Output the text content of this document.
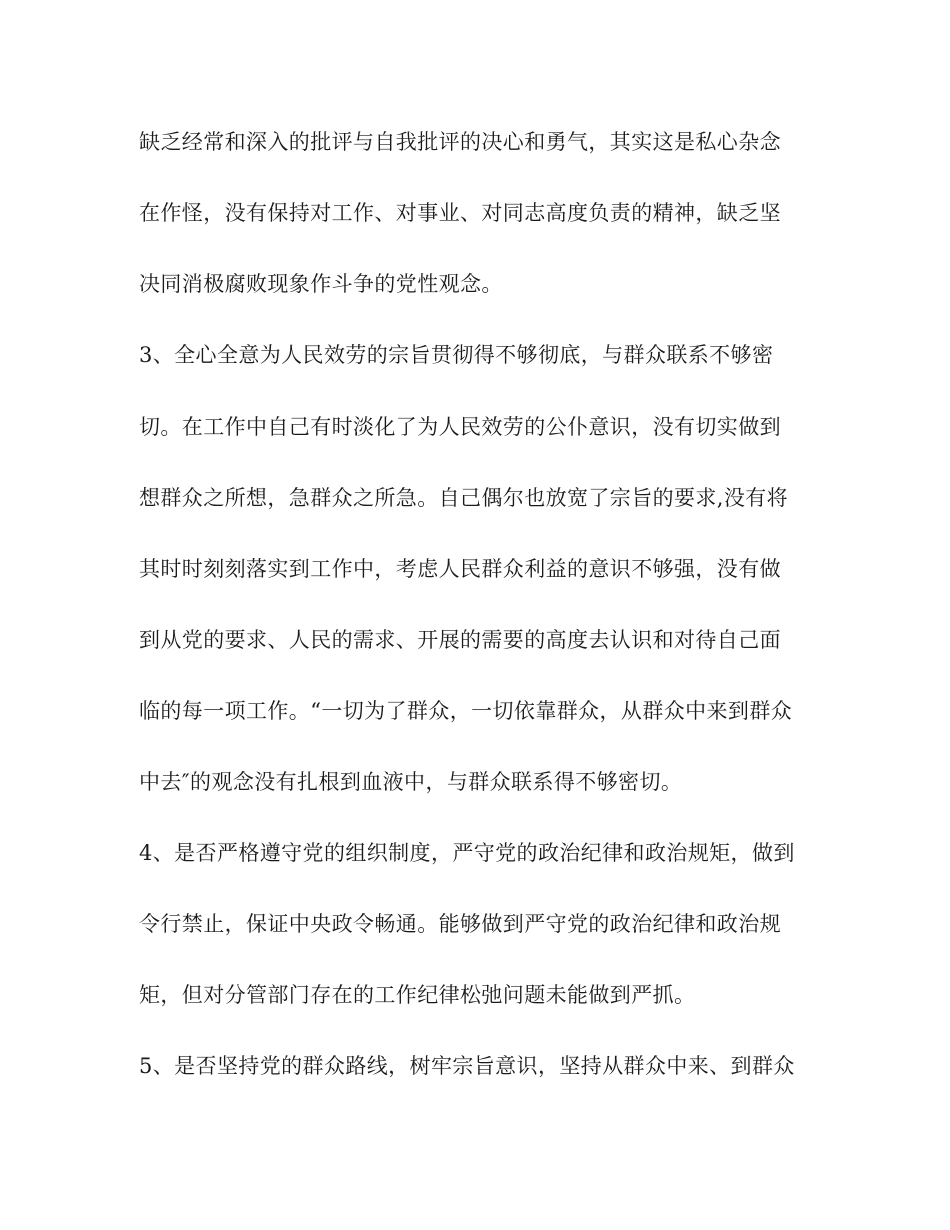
缺乏经常和深入的批评与自我批评的决心和勇气，其实这是私心杂念
在作怪，没有保持对工作、对事业、对同志高度负责的精神，缺乏坚
决同消极腐败现象作斗争的党性观念。
3、全心全意为人民效劳的宗旨贯彻得不够彻底，与群众联系不够密
切。在工作中自己有时淡化了为人民效劳的公仆意识，没有切实做到
想群众之所想，急群众之所急。自己偶尔也放宽了宗旨的要求,没有将
其时时刻刻落实到工作中，考虑人民群众利益的意识不够强，没有做
到从党的要求、人民的需求、开展的需要的高度去认识和对待自己面
临的每一项工作。“一切为了群众，一切依靠群众，从群众中来到群众
中去″的观念没有扎根到血液中，与群众联系得不够密切。
4、是否严格遵守党的组织制度，严守党的政治纪律和政治规矩，做到
令行禁止，保证中央政令畅通。能够做到严守党的政治纪律和政治规
矩，但对分管部门存在的工作纪律松弛问题未能做到严抓。
5、是否坚持党的群众路线，树牢宗旨意识，坚持从群众中来、到群众
